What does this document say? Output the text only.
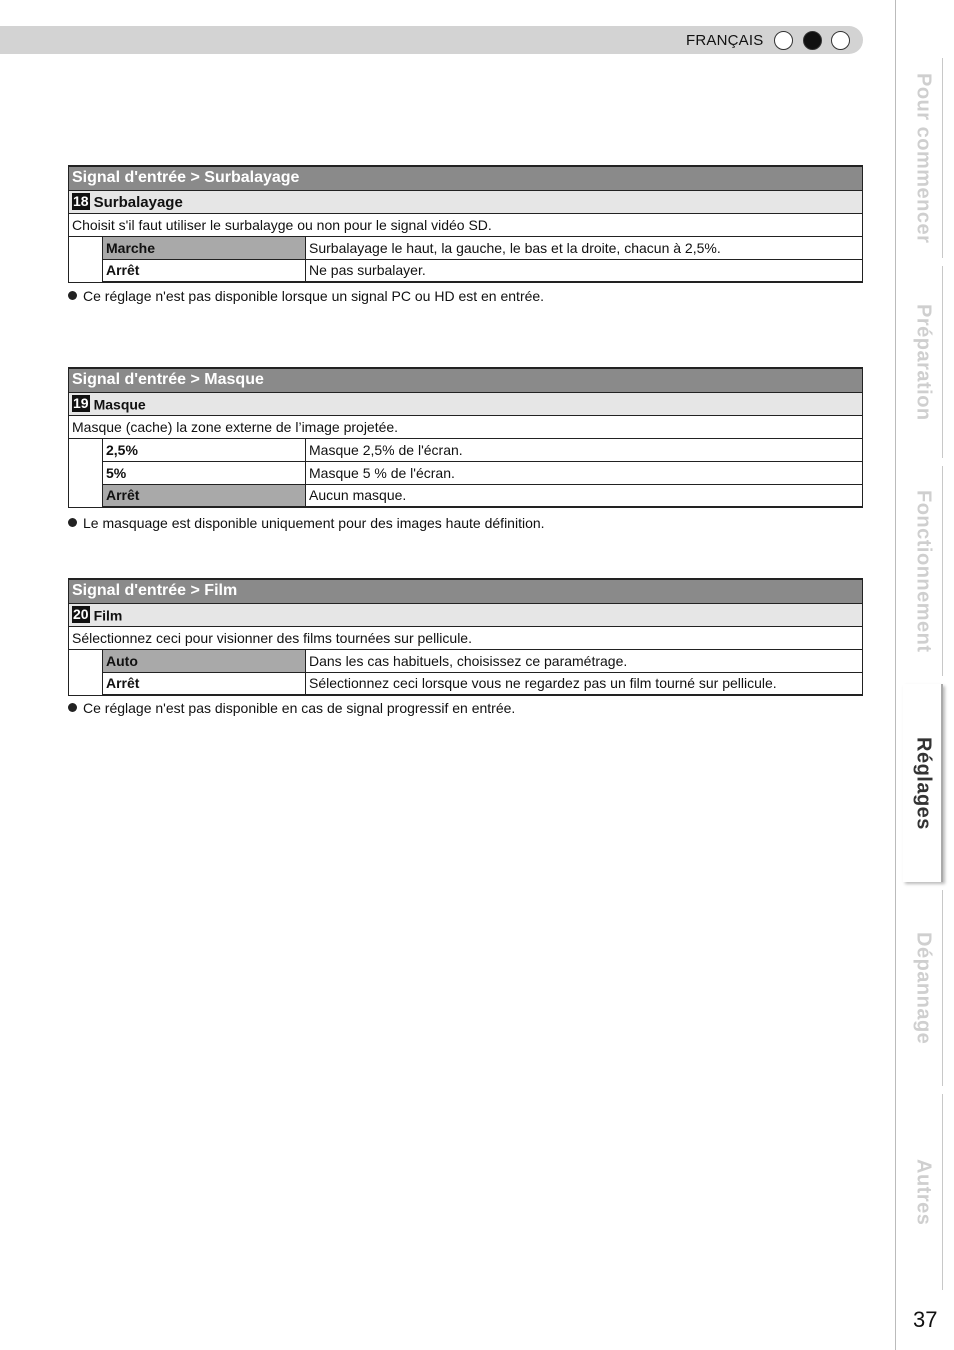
FRANÇAIS
Signal d'entrée > Surbalayage		
18 Surbalayage		
Choisit s'il faut utiliser le surbalayge ou non pour le signal vidéo SD.		
	Marche	Surbalayage le haut, la gauche, le bas et la droite, chacun à 2,5%.
	Arrêt	Ne pas surbalayer.
Ce réglage n'est pas disponible lorsque un signal PC ou HD est en entrée.
Signal d'entrée > Masque		
19 Masque		
Masque (cache) la zone externe de l’image projetée.		
	2,5%	Masque 2,5% de l'écran.
	5%	Masque 5 % de l'écran.
	Arrêt	Aucun masque.
Le masquage est disponible uniquement pour des images haute définition.
Signal d'entrée > Film		
20 Film		
Sélectionnez ceci pour visionner des films tournées sur pellicule.		
	Auto	Dans les cas habituels, choisissez ce paramétrage.
	Arrêt	Sélectionnez ceci lorsque vous ne regardez pas un film tourné sur pellicule.
Ce réglage n'est pas disponible en cas de signal progressif en entrée.
Pour commencer
Préparation
Fonctionnement
Réglages
Dépannage
Autres
37
